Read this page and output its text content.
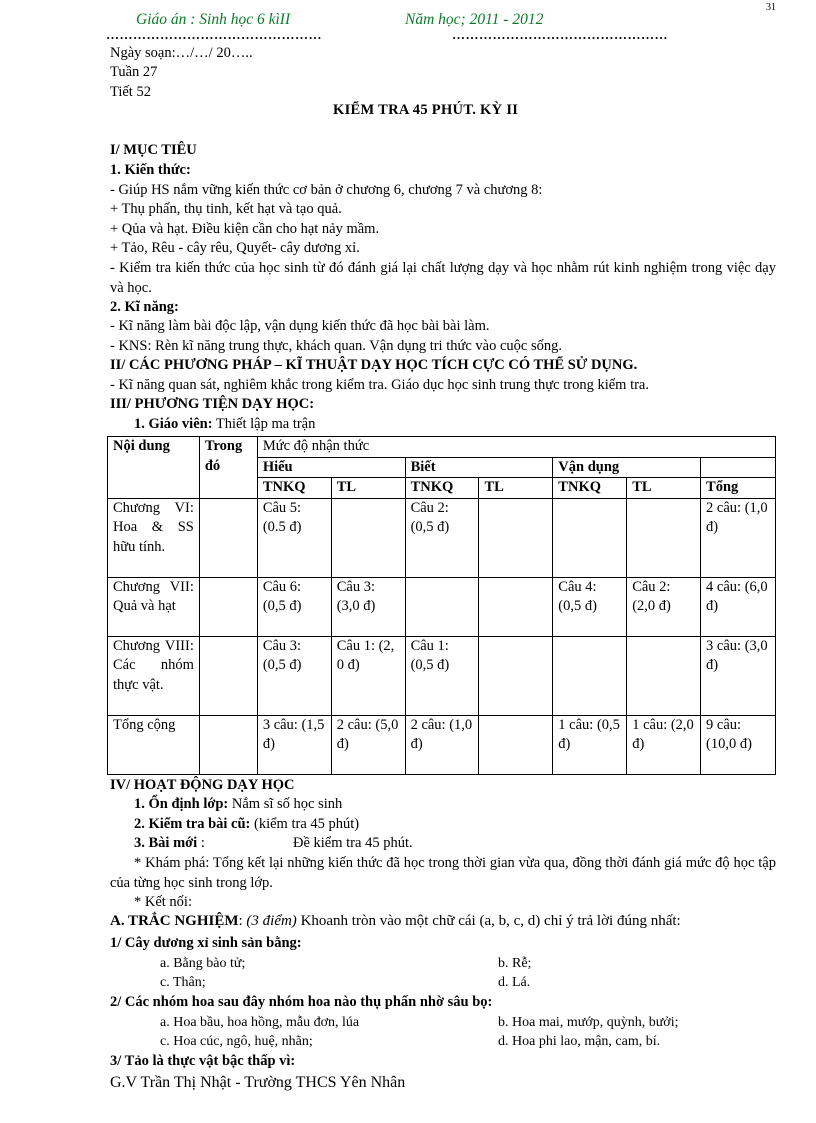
31
Giáo án : Sinh học 6 kìII	Năm học; 2011 - 2012
…………………………………………	…………………………………………
Ngày soạn:…/…/ 20…..
Tuần 27
Tiết 52
KIỂM TRA 45 PHÚT. KỲ II
I/ MỤC TIÊU
1. Kiến thức:
- Giúp HS nắm vững kiến thức cơ bản ở chương 6, chương 7 và chương 8:
+ Thụ phấn, thụ tinh, kết hạt và tạo quả.
+ Qủa và hạt. Điều kiện cần cho hạt nảy mầm.
+ Tảo, Rêu - cây rêu, Quyết- cây dương xỉ.
- Kiểm tra kiến thức của học sinh từ đó đánh giá lại chất lượng dạy và học nhằm rút kinh nghiệm trong việc dạy và học.
2. Kĩ năng:
- Kĩ năng làm bài độc lập, vận dụng kiến thức đã học bài bài làm.
- KNS: Rèn kĩ năng trung thực, khách quan. Vận dụng tri thức vào cuộc sống.
II/ CÁC PHƯƠNG PHÁP – KĨ THUẬT DẠY HỌC TÍCH CỰC CÓ THỂ SỬ DỤNG.
- Kĩ năng quan sát, nghiêm khắc trong kiểm tra. Giáo dục học sinh trung thực trong kiểm tra.
III/ PHƯƠNG TIỆN DẠY HỌC:
1. Giáo viên: Thiết lập ma trận
Nội dung	Trong đó	Mức độ nhận thức						
		Hiểu		Biết		Vận dụng		
		TNKQ	TL	TNKQ	TL	TNKQ	TL	Tổng
Chương VI: Hoa & SS hữu tính.		Câu 5: (0.5 đ)		Câu 2: (0,5 đ)				2 câu: (1,0 đ)
Chương VII: Quả và hạt		Câu 6: (0,5 đ)	Câu 3: (3,0 đ)			Câu 4: (0,5 đ)	Câu 2: (2,0 đ)	4 câu: (6,0 đ)
Chương VIII: Các nhóm thực vật.		Câu 3: (0,5 đ)	Câu 1: (2, 0 đ)	Câu 1: (0,5 đ)				3 câu: (3,0 đ)
Tổng cộng		3 câu: (1,5 đ)	2 câu: (5,0 đ)	2 câu: (1,0 đ)		1 câu: (0,5 đ)	1 câu: (2,0 đ)	9 câu: (10,0 đ)
IV/ HOẠT ĐỘNG DẠY HỌC
1. Ổn định lớp: Nắm sĩ số học sinh
2. Kiểm tra bài cũ: (kiểm tra 45 phút)
3. Bài mới :	Đề kiểm tra 45 phút.
* Khám phá: Tổng kết lại những kiến thức đã học trong thời gian vừa qua, đồng thời đánh giá mức độ học tập của từng học sinh trong lớp.
* Kết nối:
A. TRẮC NGHIỆM: (3 điểm) Khoanh tròn vào một chữ cái (a, b, c, d) chỉ ý trả lời đúng nhất:
1/ Cây dương xỉ sinh sản bằng:
a. Bằng bào tử;	b. Rễ;
c. Thân;	d. Lá.
2/ Các nhóm hoa sau đây nhóm hoa nào thụ phấn nhờ sâu bọ:
a. Hoa bầu, hoa hồng, mẫu đơn, lúa	b. Hoa mai, mướp, quỳnh, bưởi;
c. Hoa cúc, ngô, huệ, nhãn;	d. Hoa phi lao, mận, cam, bí.
3/ Tảo là thực vật bậc thấp vì:
G.V Trần Thị Nhật - Trường THCS Yên Nhân
